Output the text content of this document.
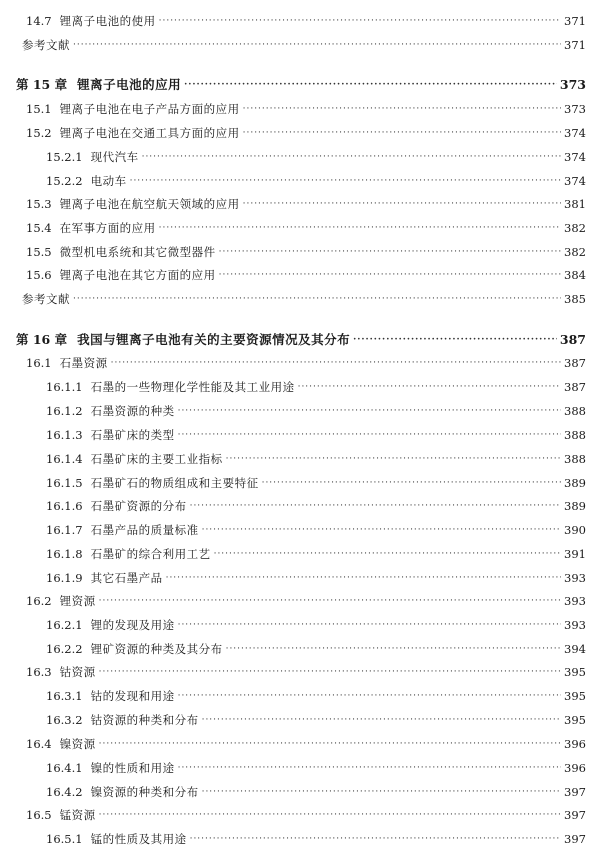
14.7 锂离子电池的使用 ·····	371
参考文献 ·····	371
第 15 章 锂离子电池的应用 ·····	373
15.1 锂离子电池在电子产品方面的应用 ·····	373
15.2 锂离子电池在交通工具方面的应用 ·····	374
15.2.1 现代汽车 ·····	374
15.2.2 电动车 ·····	374
15.3 锂离子电池在航空航天领域的应用 ·····	381
15.4 在军事方面的应用 ·····	382
15.5 微型机电系统和其它微型器件 ·····	382
15.6 锂离子电池在其它方面的应用 ·····	384
参考文献 ·····	385
第 16 章 我国与锂离子电池有关的主要资源情况及其分布 ·····	387
16.1 石墨资源 ·····	387
16.1.1 石墨的一些物理化学性能及其工业用途 ·····	387
16.1.2 石墨资源的种类 ·····	388
16.1.3 石墨矿床的类型 ·····	388
16.1.4 石墨矿床的主要工业指标 ·····	388
16.1.5 石墨矿石的物质组成和主要特征 ·····	389
16.1.6 石墨矿资源的分布 ·····	389
16.1.7 石墨产品的质量标准 ·····	390
16.1.8 石墨矿的综合利用工艺 ·····	391
16.1.9 其它石墨产品 ·····	393
16.2 锂资源 ·····	393
16.2.1 锂的发现及用途 ·····	393
16.2.2 锂矿资源的种类及其分布 ·····	394
16.3 钴资源 ·····	395
16.3.1 钴的发现和用途 ·····	395
16.3.2 钴资源的种类和分布 ·····	395
16.4 镍资源 ·····	396
16.4.1 镍的性质和用途 ·····	396
16.4.2 镍资源的种类和分布 ·····	397
16.5 锰资源 ·····	397
16.5.1 锰的性质及其用途 ·····	397
